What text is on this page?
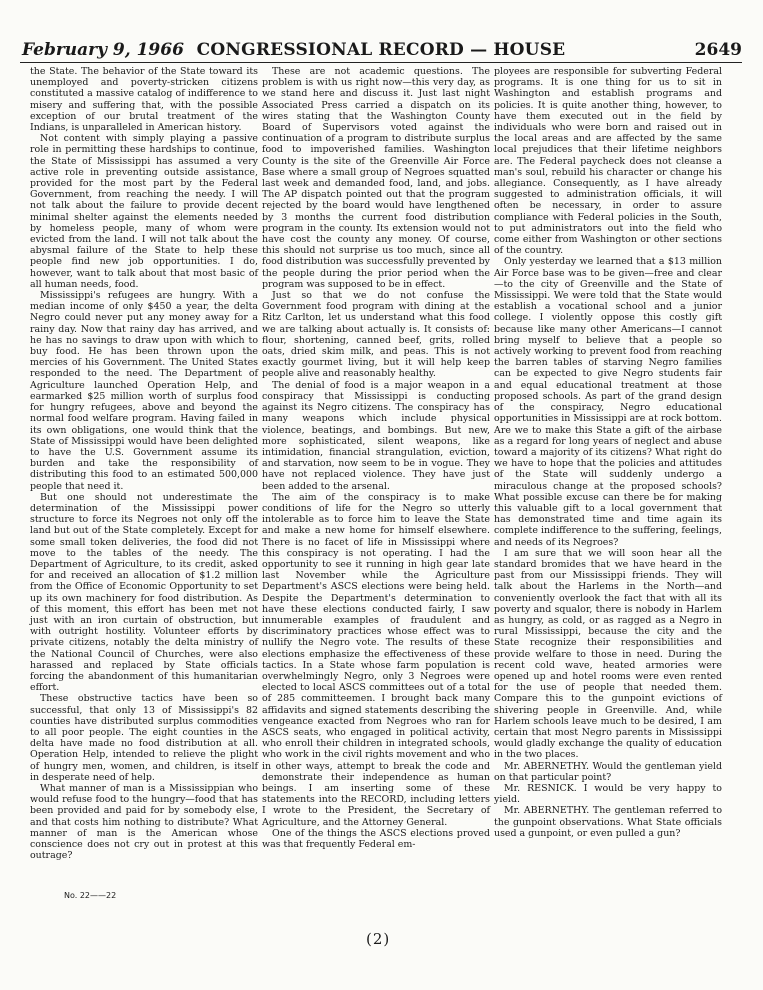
February 9, 1966 CONGRESSIONAL RECORD — HOUSE	2649

the State. The behavior of the State toward its unemployed and poverty-stricken citizens constituted a massive catalog of indifference to misery and suffering that, with the possible exception of our brutal treatment of the Indians, is unparalleled in American history.

Not content with simply playing a passive role in permitting these hardships to continue, the State of Mississippi has assumed a very active role in preventing outside assistance, provided for the most part by the Federal Government, from reaching the needy. I will not talk about the failure to provide decent minimal shelter against the elements needed by homeless people, many of whom were evicted from the land. I will not talk about the abysmal failure of the State to help these people find new job opportunities. I do, however, want to talk about that most basic of all human needs, food.

Mississippi's refugees are hungry. With a median income of only $450 a year, the delta Negro could never put any money away for a rainy day. Now that rainy day has arrived, and he has no savings to draw upon with which to buy food. He has been thrown upon the mercies of his Government. The United States responded to the need. The Department of Agriculture launched Operation Help, and earmarked $25 million worth of surplus food for hungry refugees, above and beyond the normal food welfare program. Having failed in its own obligations, one would think that the State of Mississippi would have been delighted to have the U.S. Government assume its burden and take the responsibility of distributing this food to an estimated 500,000 people that need it.

But one should not underestimate the determination of the Mississippi power structure to force its Negroes not only off the land but out of the State completely. Except for some small token deliveries, the food did not move to the tables of the needy. The Department of Agriculture, to its credit, asked for and received an allocation of $1.2 million from the Office of Economic Opportunity to set up its own machinery for food distribution. As of this moment, this effort has been met not just with an iron curtain of obstruction, but with outright hostility. Volunteer efforts by private citizens, notably the delta ministry of the National Council of Churches, were also harassed and replaced by State officials forcing the abandonment of this humanitarian effort.

These obstructive tactics have been so successful, that only 13 of Mississippi's 82 counties have distributed surplus commodities to all poor people. The eight counties in the delta have made no food distribution at all. Operation Help, intended to relieve the plight of hungry men, women, and children, is itself in desperate need of help.

What manner of man is a Mississippian who would refuse food to the hungry—food that has been provided and paid for by somebody else, and that costs him nothing to distribute? What manner of man is the American whose conscience does not cry out in protest at this outrage?

These are not academic questions. The problem is with us right now—this very day, as we stand here and discuss it. Just last night Associated Press carried a dispatch on its wires stating that the Washington County Board of Supervisors voted against the continuation of a program to distribute surplus food to impoverished families. Washington County is the site of the Greenville Air Force Base where a small group of Negroes squatted last week and demanded food, land, and jobs. The AP dispatch pointed out that the program rejected by the board would have lengthened by 3 months the current food distribution program in the county. Its extension would not have cost the county any money. Of course, this should not surprise us too much, since all food distribution was successfully prevented by the people during the prior period when the program was supposed to be in effect.

Just so that we do not confuse the Government food program with dining at the Ritz Carlton, let us understand what this food we are talking about actually is. It consists of: flour, shortening, canned beef, grits, rolled oats, dried skim milk, and peas. This is not exactly gourmet living, but it will help keep people alive and reasonably healthy.

The denial of food is a major weapon in a conspiracy that Mississippi is conducting against its Negro citizens. The conspiracy has many weapons which include physical violence, beatings, and bombings. But new, more sophisticated, silent weapons, like intimidation, financial strangulation, eviction, and starvation, now seem to be in vogue. They have not replaced violence. They have just been added to the arsenal.

The aim of the conspiracy is to make conditions of life for the Negro so utterly intolerable as to force him to leave the State and make a new home for himself elsewhere. There is no facet of life in Mississippi where this conspiracy is not operating. I had the opportunity to see it running in high gear late last November while the Agriculture Department's ASCS elections were being held. Despite the Department's determination to have these elections conducted fairly, I saw innumerable examples of fraudulent and discriminatory practices whose effect was to nullify the Negro vote. The results of these elections emphasize the effectiveness of these tactics. In a State whose farm population is overwhelmingly Negro, only 3 Negroes were elected to local ASCS committees out of a total of 285 committeemen. I brought back many affidavits and signed statements describing the vengeance exacted from Negroes who ran for ASCS seats, who engaged in political activity, who enroll their children in integrated schools, who work in the civil rights movement and who in other ways, attempt to break the code and demonstrate their independence as human beings. I am inserting some of these statements into the RECORD, including letters I wrote to the President, the Secretary of Agriculture, and the Attorney General.

One of the things the ASCS elections proved was that frequently Federal em-

ployees are responsible for subverting Federal programs. It is one thing for us to sit in Washington and establish programs and policies. It is quite another thing, however, to have them executed out in the field by individuals who were born and raised out in the local areas and are affected by the same local prejudices that their lifetime neighbors are. The Federal paycheck does not cleanse a man's soul, rebuild his character or change his allegiance. Consequently, as I have already suggested to administration officials, it will often be necessary, in order to assure compliance with Federal policies in the South, to put administrators out into the field who come either from Washington or other sections of the country.

Only yesterday we learned that a $13 million Air Force base was to be given—free and clear—to the city of Greenville and the State of Mississippi. We were told that the State would establish a vocational school and a junior college. I violently oppose this costly gift because like many other Americans—I cannot bring myself to believe that a people so actively working to prevent food from reaching the barren tables of starving Negro families can be expected to give Negro students fair and equal educational treatment at those proposed schools. As part of the grand design of the conspiracy, Negro educational opportunities in Mississippi are at rock bottom. Are we to make this State a gift of the airbase as a regard for long years of neglect and abuse toward a majority of its citizens? What right do we have to hope that the policies and attitudes of the State will suddenly undergo a miraculous change at the proposed schools? What possible excuse can there be for making this valuable gift to a local government that has demonstrated time and time again its complete indifference to the suffering, feelings, and needs of its Negroes?

I am sure that we will soon hear all the standard bromides that we have heard in the past from our Mississippi friends. They will talk about the Harlems in the North—and conveniently overlook the fact that with all its poverty and squalor, there is nobody in Harlem as hungry, as cold, or as ragged as a Negro in rural Mississippi, because the city and the State recognize their responsibilities and provide welfare to those in need. During the recent cold wave, heated armories were opened up and hotel rooms were even rented for the use of people that needed them. Compare this to the gunpoint evictions of shivering people in Greenville. And, while Harlem schools leave much to be desired, I am certain that most Negro parents in Mississippi would gladly exchange the quality of education in the two places.

Mr. ABERNETHY. Would the gentleman yield on that particular point?

Mr. RESNICK. I would be very happy to yield.

Mr. ABERNETHY. The gentleman referred to the gunpoint observations. What State officials used a gunpoint, or even pulled a gun?

No. 22——22
(2)
